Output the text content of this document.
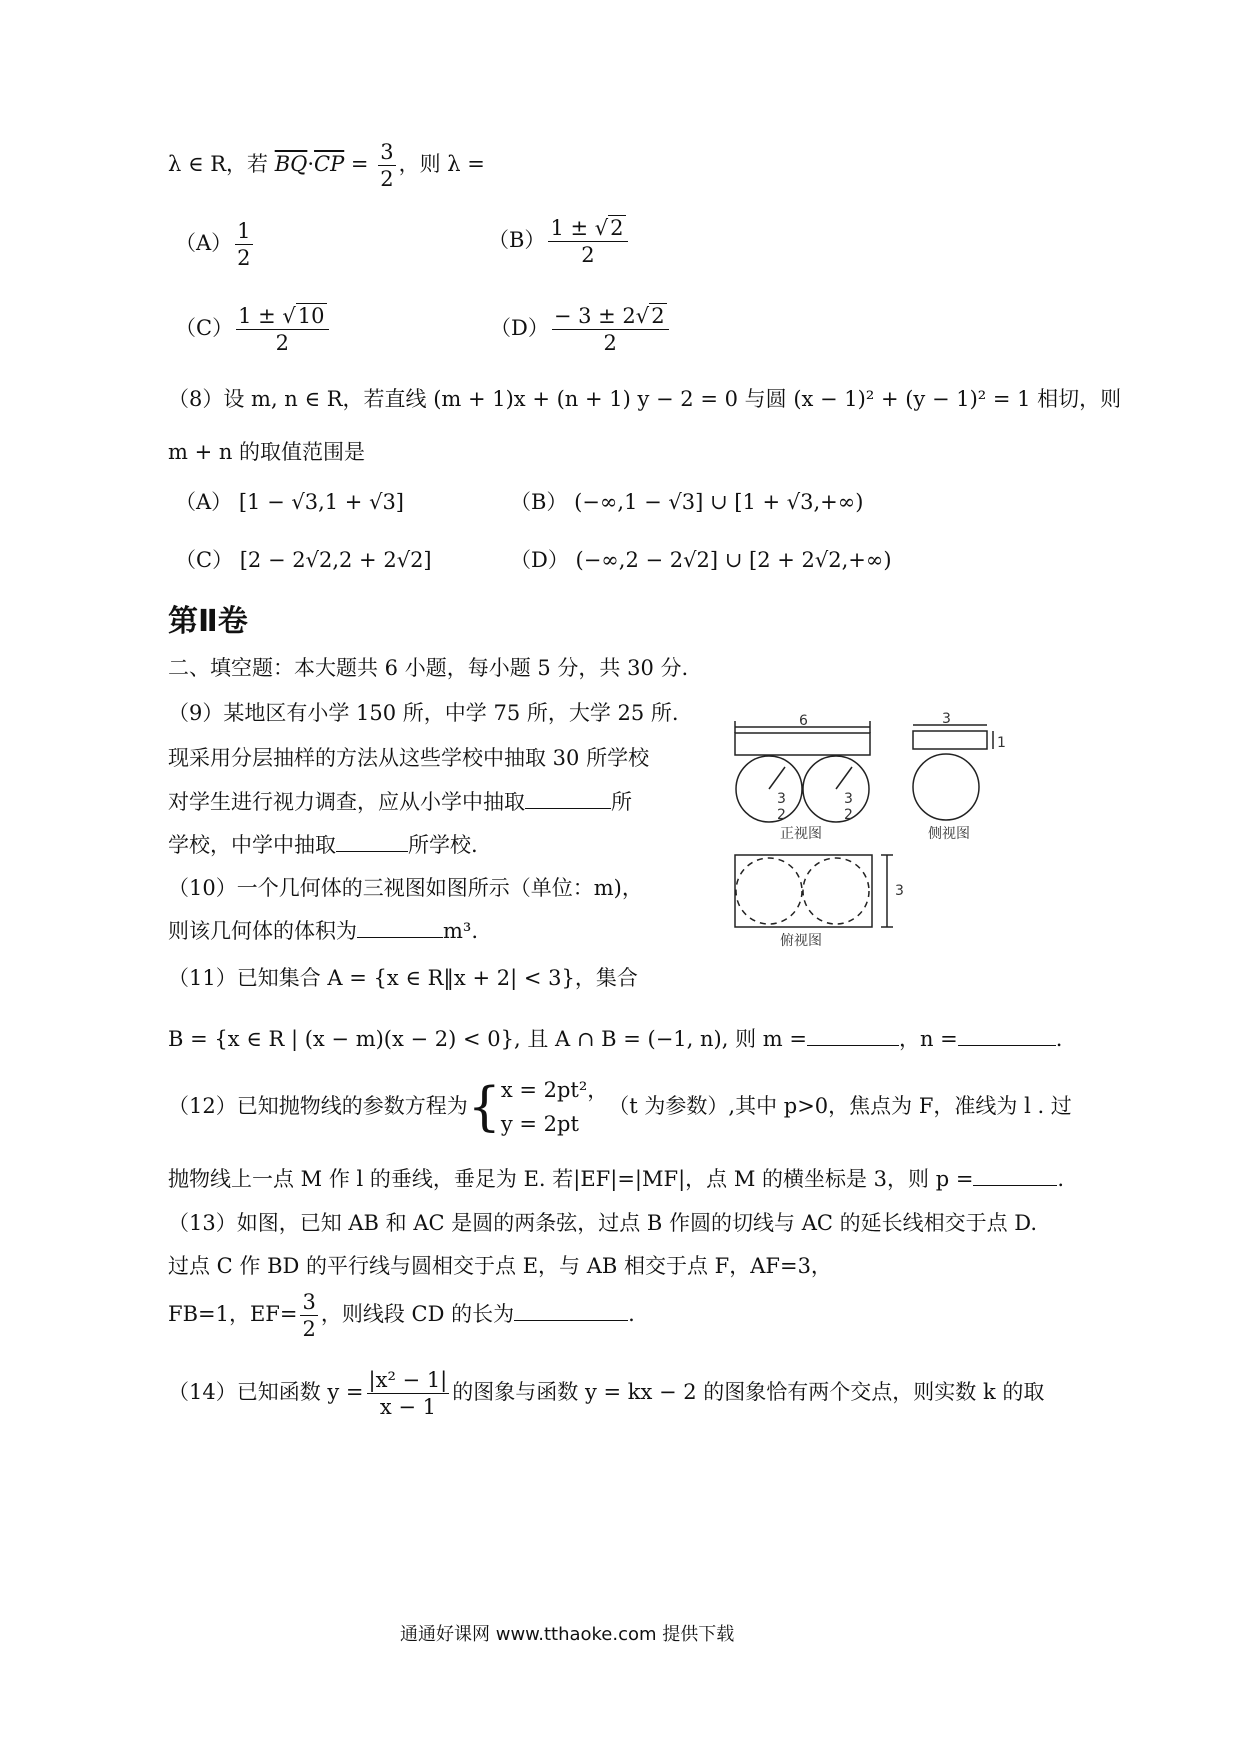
λ ∈ R，若 $\overline{BQ}\cdot\overline{CP} = \frac{3}{2}$ ，则 λ =
$(A) \frac{1}{2}$	$(B) \frac{1 \pm √2}{2}$
$(C) \frac{1 \pm √10}{2}$	$(D) \frac{- 3 \pm 2√2}{2}$
（8）设 m, n ∈ R，若直线 (m + 1)x + (n + 1) y − 2 = 0 与圆 (x − 1)² + (y − 1)² = 1 相切，则
m + n 的取值范围是
（A） [1 − √3,1 + √3]	（B） (−∞,1 − √3] ∪ [1 + √3,+∞)
（C） [2 − 2√2,2 + 2√2]	（D） (−∞,2 − 2√2] ∪ [2 + 2√2,+∞)
第Ⅱ卷
二、填空题：本大题共 6 小题，每小题 5 分，共 30 分.
（9）某地区有小学 150 所，中学 75 所，大学 25 所.
现采用分层抽样的方法从这些学校中抽取 30 所学校
对学生进行视力调查，应从小学中抽取	所
学校，中学中抽取	所学校.
（10）一个几何体的三视图如图所示（单位：m)，
则该几何体的体积为	m³.
6	3
1
3
2
3
2
3
正视图	侧视图
俯视图
（11）已知集合 A = {x ∈ R‖x + 2| < 3}，集合
B = {x ∈ R | (x − m)(x − 2) < 0}, 且 A ∩ B = (−1, n), 则 m =	，n =	.
（12）已知抛物线的参数方程为{ x = 2pt²，
y = 2pt
（t 为参数）,其中 p>0，焦点为 F，准线为 l . 过
抛物线上一点 M 作 l 的垂线，垂足为 E. 若|EF|=|MF|，点 M 的横坐标是 3，则 p =	.
（13）如图，已知 AB 和 AC 是圆的两条弦，过点 B 作圆的切线与 AC 的延长线相交于点 D.
过点 C 作 BD 的平行线与圆相交于点 E，与 AB 相交于点 F，AF=3，
FB=1，$EF= \frac{3}{2}$ ，则线段 CD 的长为	.
（14）已知函数 $y = \frac{\text{|x² − 1|}}{x - 1}$ 的图象与函数 y = kx − 2 的图象恰有两个交点，则实数 k 的取
通通好课网 www.tthaoke.com 提供下载
